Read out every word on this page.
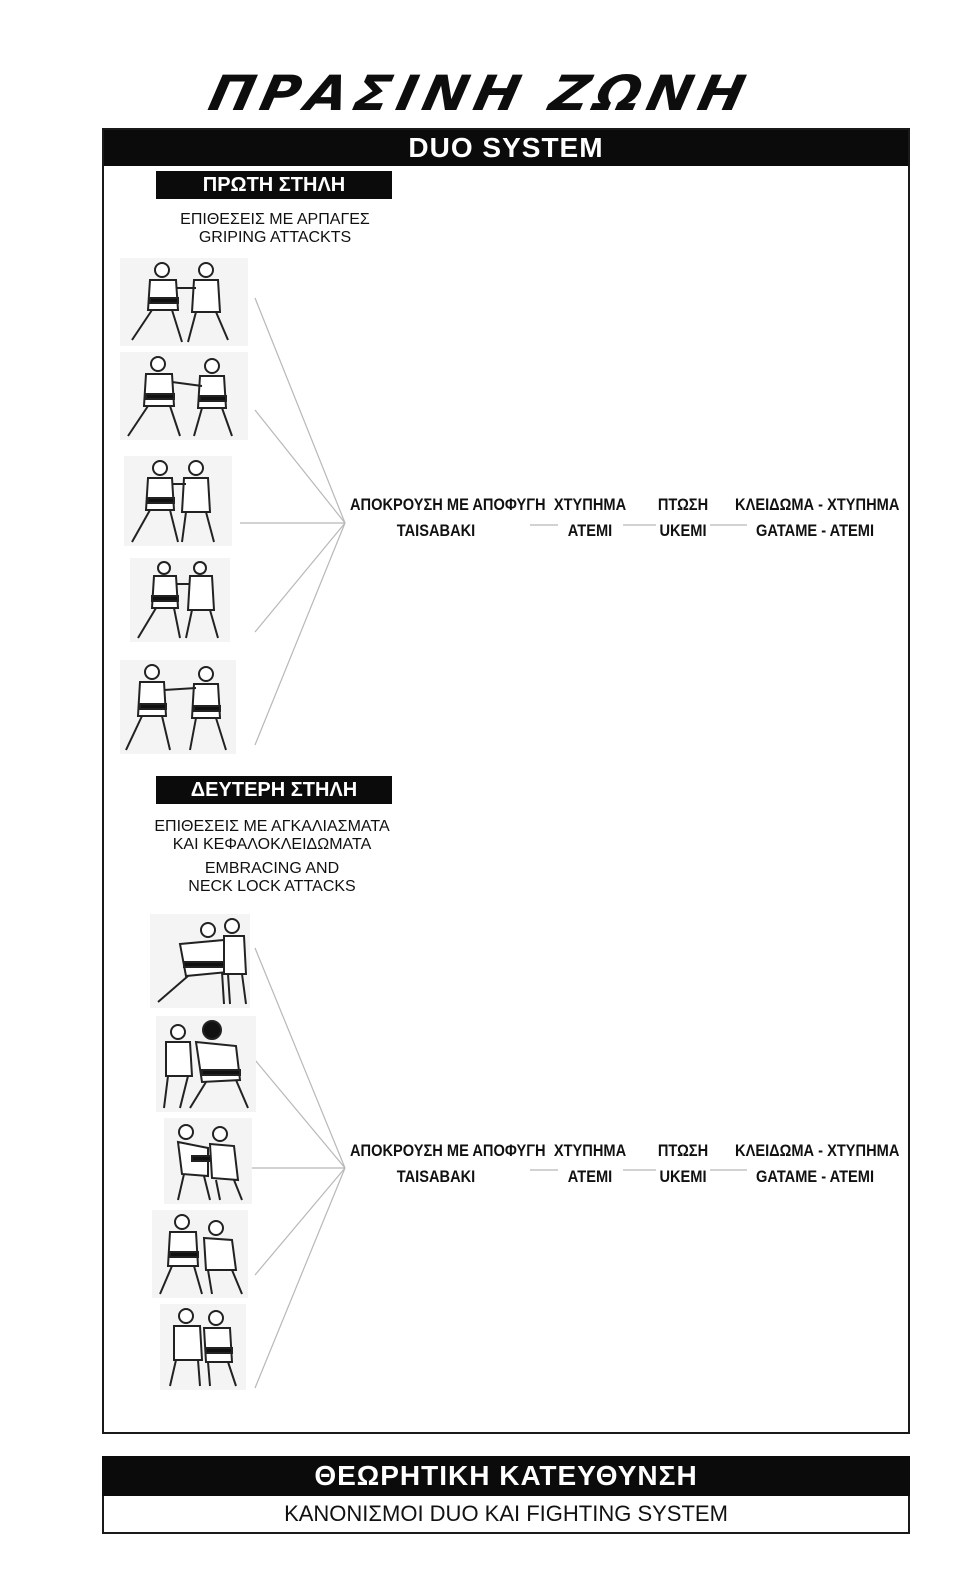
ΠΡΑΣΙΝΗ ΖΩΝΗ
DUO SYSTEM
ΠΡΩΤΗ ΣΤΗΛΗ
ΕΠΙΘΕΣΕΙΣ ΜΕ ΑΡΠΑΓΕΣ
GRIPING ATTACKTS
ΑΠΟΚΡΟΥΣΗ ΜΕ ΑΠΟΦΥΓΗ
TAISABAKI
ΧΤΥΠΗΜΑ
ATEMI
ΠΤΩΣΗ
UKEMI
ΚΛΕΙΔΩΜΑ - ΧΤΥΠΗΜΑ
GATAME - ATEMI
ΔΕΥΤΕΡΗ ΣΤΗΛΗ
ΕΠΙΘΕΣΕΙΣ ΜΕ ΑΓΚΑΛΙΑΣΜΑΤΑ
ΚΑΙ ΚΕΦΑΛΟΚΛΕΙΔΩΜΑΤΑ
EMBRACING AND
NECK LOCK ATTACKS
ΑΠΟΚΡΟΥΣΗ ΜΕ ΑΠΟΦΥΓΗ
TAISABAKI
ΧΤΥΠΗΜΑ
ATEMI
ΠΤΩΣΗ
UKEMI
ΚΛΕΙΔΩΜΑ - ΧΤΥΠΗΜΑ
GATAME - ATEMI
ΘΕΩΡΗΤΙΚΗ ΚΑΤΕΥΘΥΝΣΗ
ΚΑΝΟΝΙΣΜΟΙ DUO KAI FIGHTING SYSTEM
